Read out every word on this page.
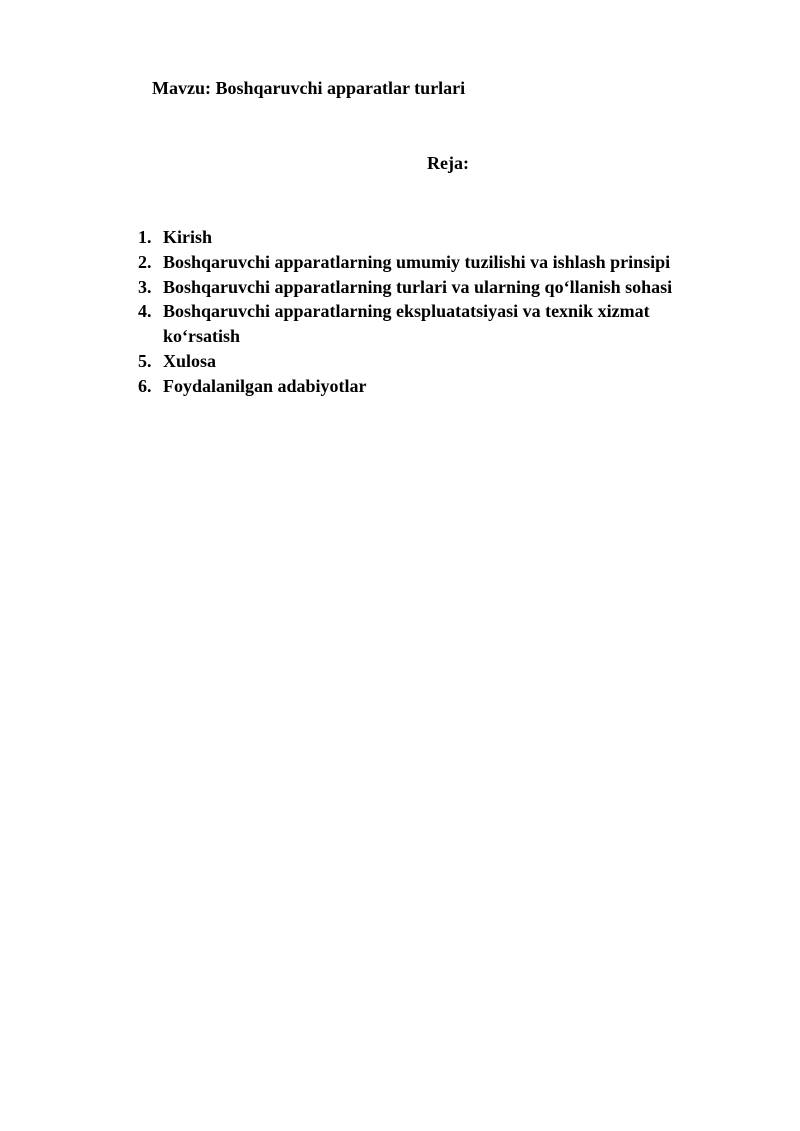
Mavzu: Boshqaruvchi apparatlar turlari
Reja:
1. Kirish
2. Boshqaruvchi apparatlarning umumiy tuzilishi va ishlash prinsipi
3. Boshqaruvchi apparatlarning turlari va ularning qo‘llanish sohasi
4. Boshqaruvchi apparatlarning ekspluatatsiyasi va texnik xizmat ko‘rsatish
5. Xulosa
6. Foydalanilgan adabiyotlar
